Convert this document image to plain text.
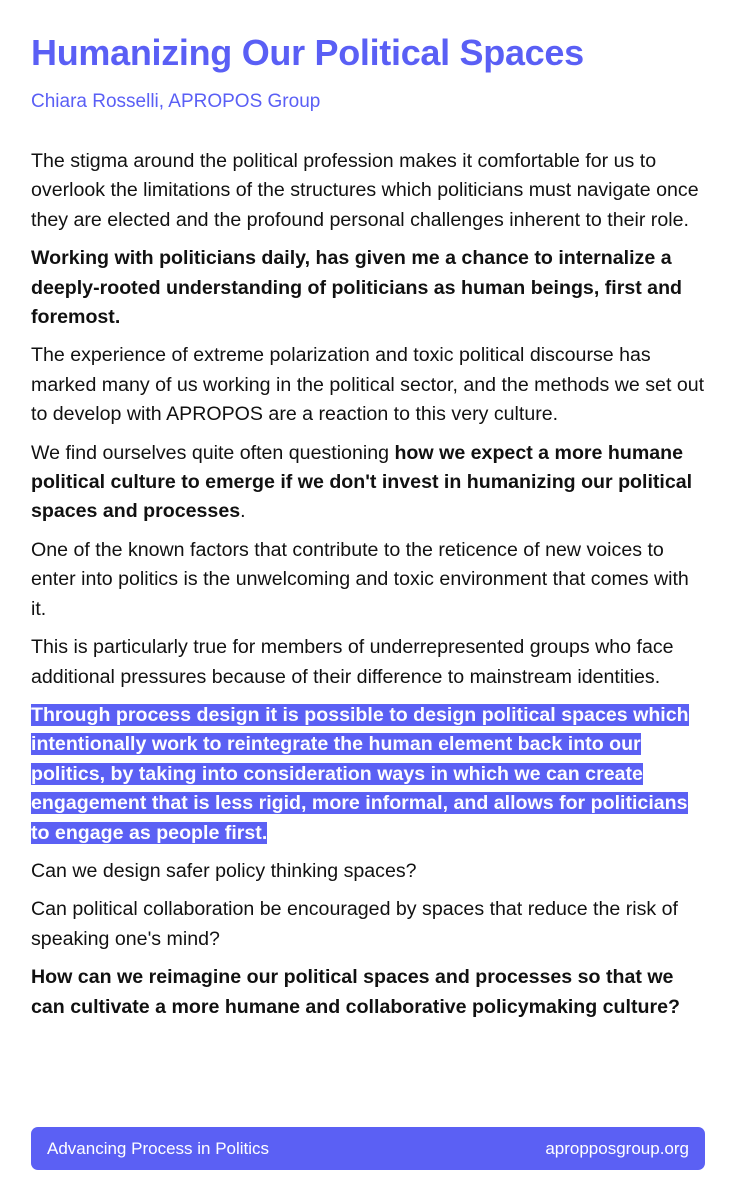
Humanizing Our Political Spaces
Chiara Rosselli, APROPOS Group

The stigma around the political profession makes it comfortable for us to overlook the limitations of the structures which politicians must navigate once they are elected and the profound personal challenges inherent to their role.

Working with politicians daily, has given me a chance to internalize a deeply-rooted understanding of politicians as human beings, first and foremost.

The experience of extreme polarization and toxic political discourse has marked many of us working in the political sector, and the methods we set out to develop with APROPOS are a reaction to this very culture.

We find ourselves quite often questioning how we expect a more humane political culture to emerge if we don't invest in humanizing our political spaces and processes.

One of the known factors that contribute to the reticence of new voices to enter into politics is the unwelcoming and toxic environment that comes with it.

This is particularly true for members of underrepresented groups who face additional pressures because of their difference to mainstream identities.

Through process design it is possible to design political spaces which intentionally work to reintegrate the human element back into our politics, by taking into consideration ways in which we can create engagement that is less rigid, more informal, and allows for politicians to engage as people first.

Can we design safer policy thinking spaces?

Can political collaboration be encouraged by spaces that reduce the risk of speaking one's mind?

How can we reimagine our political spaces and processes so that we can cultivate a more humane and collaborative policymaking culture?

Advancing Process in Politics	apropposgroup.org
